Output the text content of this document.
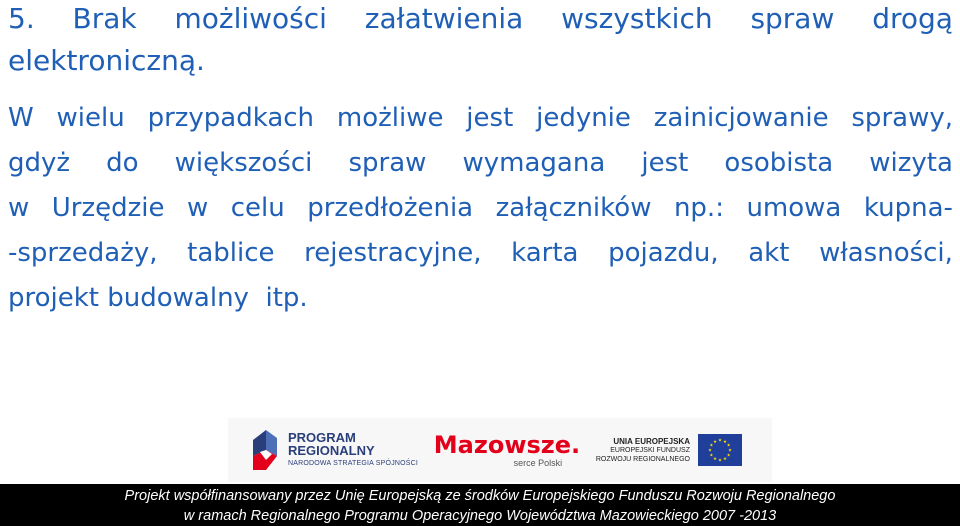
5. Brak możliwości załatwienia wszystkich spraw drogą
elektroniczną.
W wielu przypadkach możliwe jest jedynie zainicjowanie sprawy,
gdyż do większości spraw wymagana jest osobista wizyta
w Urzędzie w celu przedłożenia załączników np.: umowa kupna-
-sprzedaży, tablice rejestracyjne, karta pojazdu, akt własności,
projekt budowalny  itp.
PROGRAM
REGIONALNY
NARODOWA STRATEGIA SPÓJNOŚCI
Mazowsze.
serce Polski
UNIA EUROPEJSKA
EUROPEJSKI FUNDUSZ
ROZWOJU REGIONALNEGO
★
★
★
★
★
★
★
★
★ ★ ★
★
Projekt współfinansowany przez Unię Europejską ze środków Europejskiego Funduszu Rozwoju Regionalnego
w ramach Regionalnego Programu Operacyjnego Województwa Mazowieckiego 2007 -2013
